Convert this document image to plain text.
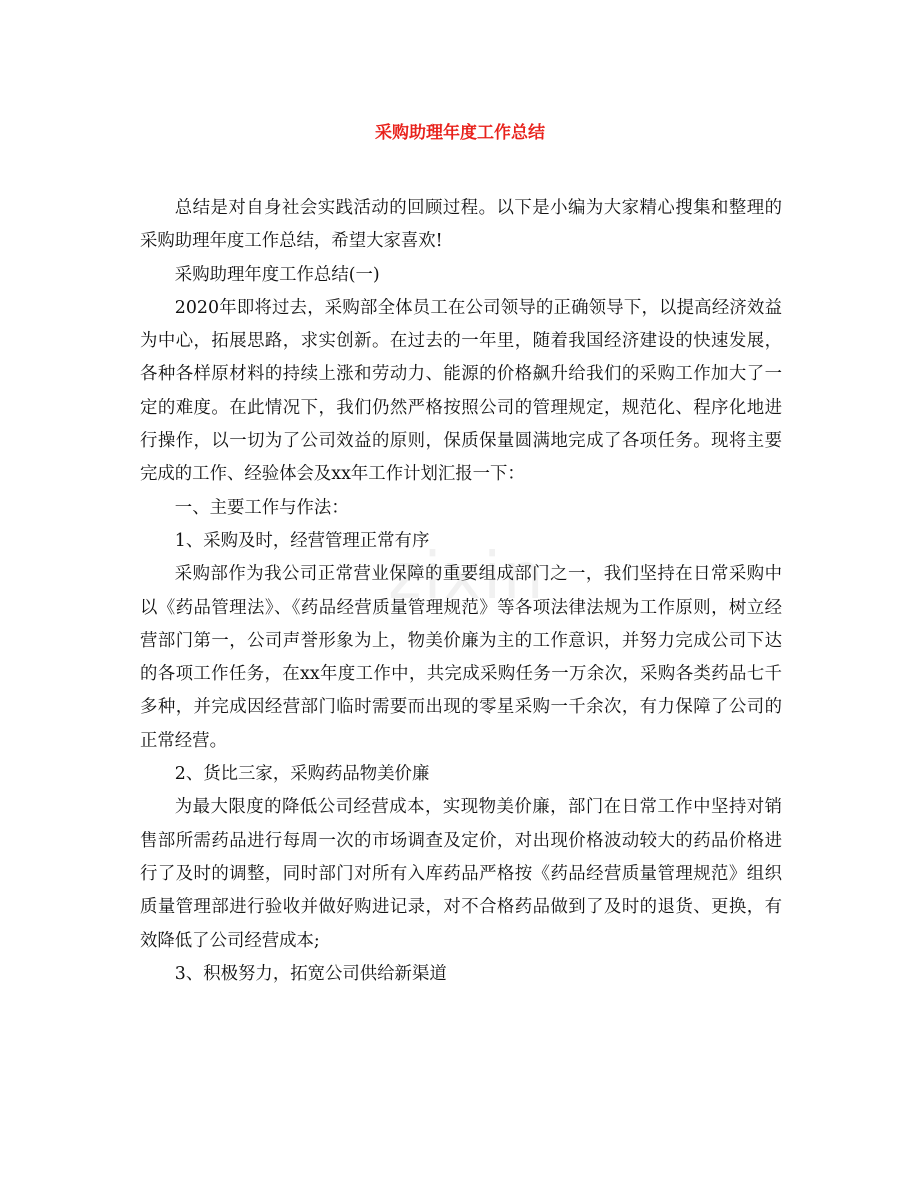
采购助理年度工作总结
zixin

总结是对自身社会实践活动的回顾过程。以下是小编为大家精心搜集和整理的采购助理年度工作总结，希望大家喜欢!

采购助理年度工作总结(一)

2020年即将过去，采购部全体员工在公司领导的正确领导下，以提高经济效益为中心，拓展思路，求实创新。在过去的一年里，随着我国经济建设的快速发展，各种各样原材料的持续上涨和劳动力、能源的价格飙升给我们的采购工作加大了一定的难度。在此情况下，我们仍然严格按照公司的管理规定，规范化、程序化地进行操作，以一切为了公司效益的原则，保质保量圆满地完成了各项任务。现将主要完成的工作、经验体会及xx年工作计划汇报一下：

一、主要工作与作法：

1、采购及时，经营管理正常有序

采购部作为我公司正常营业保障的重要组成部门之一，我们坚持在日常采购中以《药品管理法》、《药品经营质量管理规范》等各项法律法规为工作原则，树立经营部门第一，公司声誉形象为上，物美价廉为主的工作意识，并努力完成公司下达的各项工作任务，在xx年度工作中，共完成采购任务一万余次，采购各类药品七千多种，并完成因经营部门临时需要而出现的零星采购一千余次，有力保障了公司的正常经营。

2、货比三家，采购药品物美价廉

为最大限度的降低公司经营成本，实现物美价廉，部门在日常工作中坚持对销售部所需药品进行每周一次的市场调查及定价，对出现价格波动较大的药品价格进行了及时的调整，同时部门对所有入库药品严格按《药品经营质量管理规范》组织质量管理部进行验收并做好购进记录，对不合格药品做到了及时的退货、更换，有效降低了公司经营成本;

3、积极努力，拓宽公司供给新渠道
